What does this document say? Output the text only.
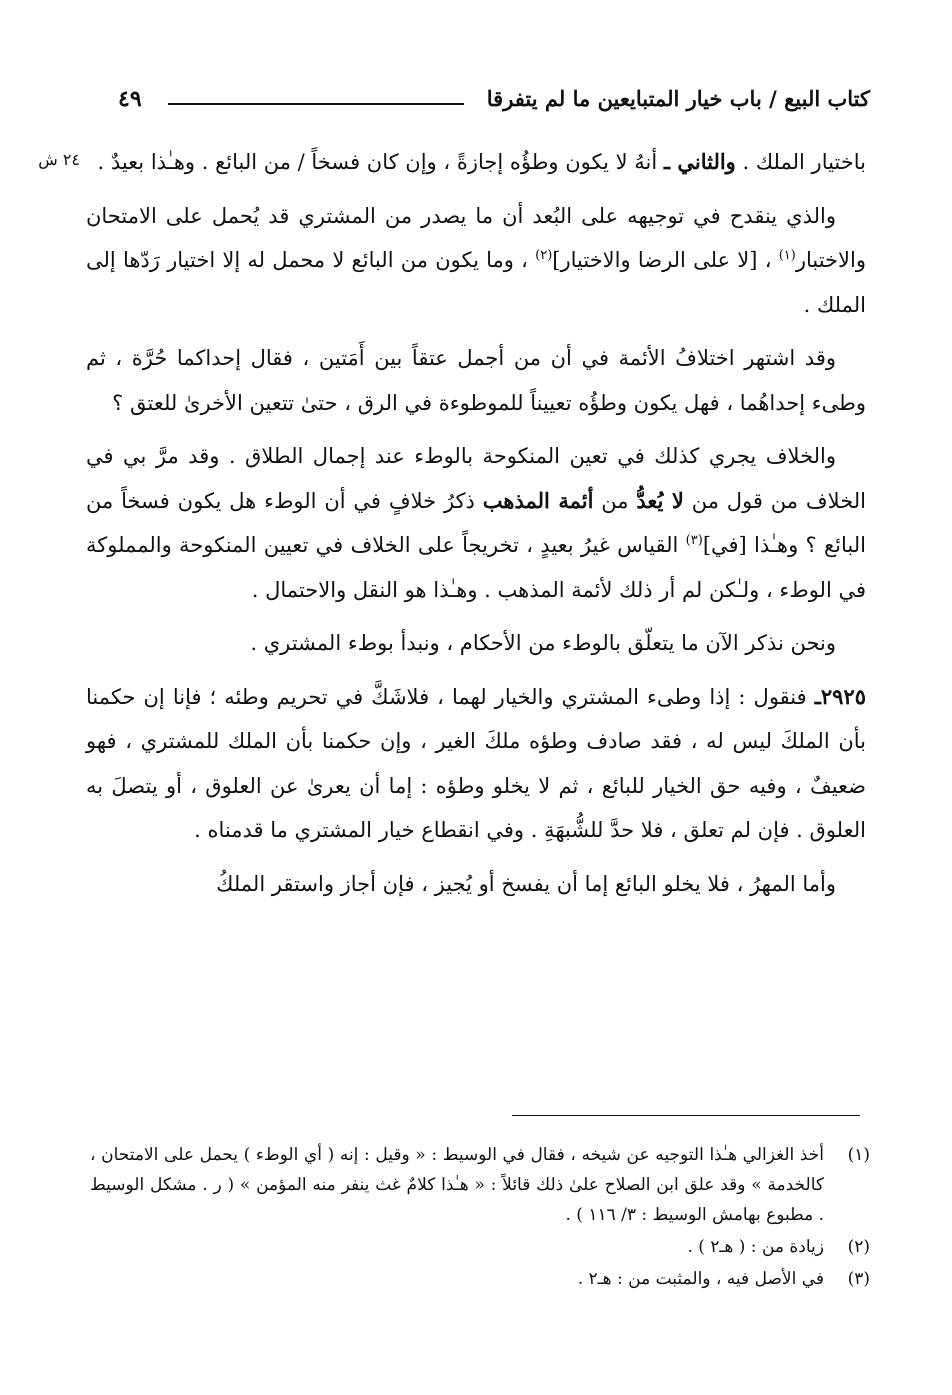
كتاب البيع / باب خيار المتبايعين ما لم يتفرقا
٤٩
٢٤ ش	باختيار الملك . والثاني ـ أنهُ لا يكون وطؤُه إجازةً ، وإن كان فسخاً / من البائع . وهـٰذا بعيدٌ .

والذي ينقدح في توجيهه على البُعد أن ما يصدر من المشتري قد يُحمل على الامتحان والاختبار$^{(١)}$ ، [لا على الرضا والاختيار]$^{(٢)}$ ، وما يكون من البائع لا محمل له إلا اختيار رَدّها إلى الملك .

وقد اشتهر اختلافُ الأئمة في أن من أجمل عتقاً بين أَمَتين ، فقال إحداكما حُرَّة ، ثم وطىء إحداهُما ، فهل يكون وطؤُه تعييناً للموطوءة في الرق ، حتىٰ تتعين الأخرىٰ للعتق ؟

والخلاف يجري كذلك في تعين المنكوحة بالوطء عند إجمال الطلاق . وقد مرَّ بي في الخلاف من قول من لا يُعدُّ من أئمة المذهب ذكرُ خلافٍ في أن الوطء هل يكون فسخاً من البائع ؟ وهـٰذا [في]$^{(٣)}$ القياس غيرُ بعيدٍ ، تخريجاً على الخلاف في تعيين المنكوحة والمملوكة في الوطء ، ولـٰكن لم أر ذلك لأئمة المذهب . وهـٰذا هو النقل والاحتمال .

ونحن نذكر الآن ما يتعلّق بالوطء من الأحكام ، ونبدأ بوطء المشتري .

٢٩٢٥ـ فنقول : إذا وطىء المشتري والخيار لهما ، فلاشَكَّ في تحريم وطئه ؛ فإنا إن حكمنا بأن الملكَ ليس له ، فقد صادف وطؤه ملكَ الغير ، وإن حكمنا بأن الملك للمشتري ، فهو ضعيفٌ ، وفيه حق الخيار للبائع ، ثم لا يخلو وطؤه : إما أن يعرىٰ عن العلوق ، أو يتصلَ به العلوق . فإن لم تعلق ، فلا حدَّ للشُّبهَةِ . وفي انقطاع خيار المشتري ما قدمناه .

وأما المهرُ ، فلا يخلو البائع إما أن يفسخ أو يُجيز ، فإن أجاز واستقر الملكُ

(١)
أخذ الغزالي هـٰذا التوجيه عن شيخه ، فقال في الوسيط : « وقيل : إنه ( أي الوطء ) يحمل على الامتحان ، كالخدمة » وقد علق ابن الصلاح علىٰ ذلك قائلاً : « هـٰذا كلامٌ غث ينفر منه المؤمن » ( ر . مشكل الوسيط . مطبوع بهامش الوسيط : ٣/ ١١٦ ) .
(٢)
زيادة من : ( هـ٢ ) .
(٣)
في الأصل فيه ، والمثبت من : هـ٢ .
